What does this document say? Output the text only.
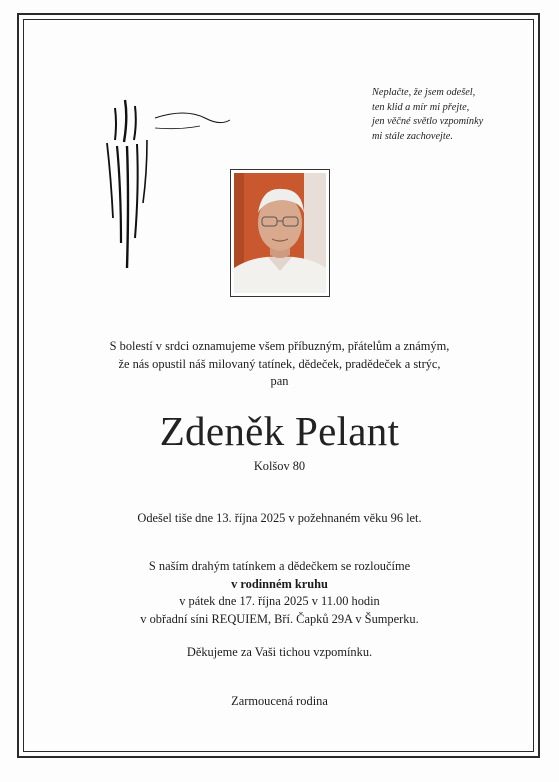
Neplačte, že jsem odešel,
ten klid a mír mi přejte,
jen věčné světlo vzpomínky
mi stále zachovejte.
S bolestí v srdci oznamujeme všem příbuzným, přátelům a známým,
že nás opustil náš milovaný tatínek, dědeček, pradědeček a strýc,
pan
Zdeněk Pelant
Kolšov 80
Odešel tiše dne 13. října 2025 v požehnaném věku 96 let.
S naším drahým tatínkem a dědečkem se rozloučíme
v rodinném kruhu
v pátek dne 17. října 2025 v 11.00 hodin
v obřadní síni REQUIEM, Bří. Čapků 29A v Šumperku.
Děkujeme za Vaši tichou vzpomínku.
Zarmoucená rodina
